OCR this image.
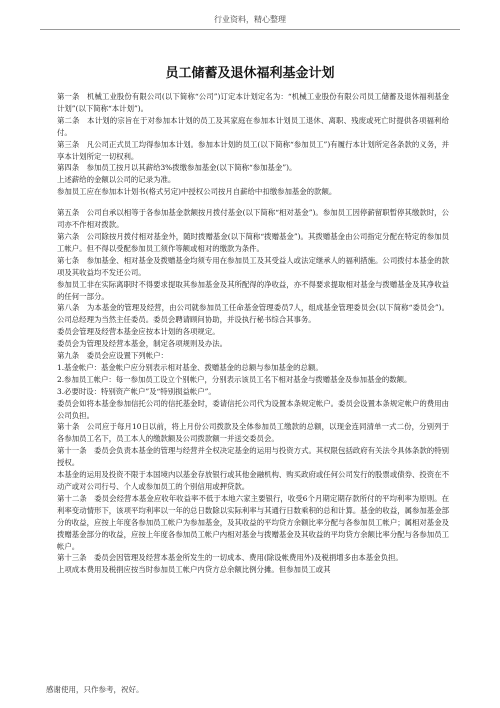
行业资料，精心整理
员工储蓄及退休福利基金计划

第一条　机械工业股份有限公司(以下简称“公司”)订定本计划定名为：“机械工业股份有限公司员工储蓄及退休福利基金计划”(以下简称“本计划”)。

第二条　本计划的宗旨在于对参加本计划的员工及其家庭在参加本计划员工退休、离职、残废或死亡时提供各项福利给付。

第三条　凡公司正式员工均得参加本计划。参加本计划的员工(以下简称“参加员工”)有履行本计划所定各条款的义务，并享本计划所定一切权利。

第四条　参加员工按月以其薪给3%拨缴参加基金(以下简称“参加基金”)。

上述薪给的金额以公司的记录为准。

参加员工应在参加本计划书(格式另定)中授权公司按月自薪给中扣缴参加基金的款额。

第五条　公司自承以相等于各参加基金款额按月拨付基金(以下简称“相对基金”)。参加员工因停薪留职暂停其缴款时，公司亦不作相对拨款。

第六条　公司除按月拨付相对基金外，随时拨赠基金(以下简称“拨赠基金”)。其拨赠基金由公司指定分配在特定的参加员工帐户。但不得以受配参加员工须作等额或相对的缴款为条件。

第七条　参加基金、相对基金及拨赠基金均须专用在参加员工及其受益人或法定继承人的福利措施。公司拨付本基金的款项及其收益均不发还公司。

参加员工非在实际离职时不得要求提取其参加基金及其所配得的净收益，亦不得要求提取相对基金与拨赠基金及其净收益的任何一部分。

第八条　为本基金的管理及经营，由公司就参加员工任命基金管理委员7人，组成基金管理委员会(以下简称“委员会”)。公司总经理为当然主任委员。委员会聘请顾问协助，并设执行秘书综合其事务。

委员会管理及经营本基金应按本计划的各项规定。

委员会为管理及经营本基金，制定各项规则及办法。

第九条　委员会应设置下列帐户：

1.基金帐户：基金帐户应分别表示相对基金、拨赠基金的总额与参加基金的总额。

2.参加员工帐户：每一参加员工设立个别帐户，分别表示该员工名下相对基金与拨赠基金及参加基金的数额。

3.必要时设：特别资产帐户”及“特别损益帐户”。

委员会如将本基金参加信托公司的信托基金时，委请信托公司代为设置本条规定帐户。委员会设置本条规定帐户的费用由公司负担。

第十条　公司应于每月10日以前，将上月份公司拨款及全体参加员工缴款的总额，以现金连同清单一式二份，分别列于各参加员工名下，员工本人的缴款额及公司拨款额一并送交委员会。

第十一条　委员会负责本基金的管理与经营并全权决定基金的运用与投资方式。其权限包括政府有关法令具体条款的特别授权。

本基金的运用及投资不限于本国境内以基金存放银行或其他金融机构、购买政府或任何公司发行的股票或债券、投资在不动产或对公司行号、个人或参加员工的个别信用或押贷款。

第十二条　委员会经营本基金应收年收益率不低于本地六家主要银行，收受6个月期定期存款所付的平均利率为原则。在利率变动情形下，该项平均利率以一年的总日数除以实际利率与其通行日数乘积的总和计算。基金的收益，属参加基金部分的收益，应按上年度各参加员工帐户为参加基金，及其收益的平均贷方余额比率分配与各参加员工帐户；属相对基金及拨赠基金部分的收益，应按上年度各参加员工帐户内相对基金与拨赠基金及其收益的平均贷方余额比率分配与各参加员工帐户。

第十三条　委员会因管理及经营本基金所发生的一切成本、费用(除设帐费用外)及税捐增多由本基金负担。

上项成本费用及税捐应按当时参加员工帐户内贷方总余额比例分摊。但参加员工或其

感谢使用，只作参考，祝好。
